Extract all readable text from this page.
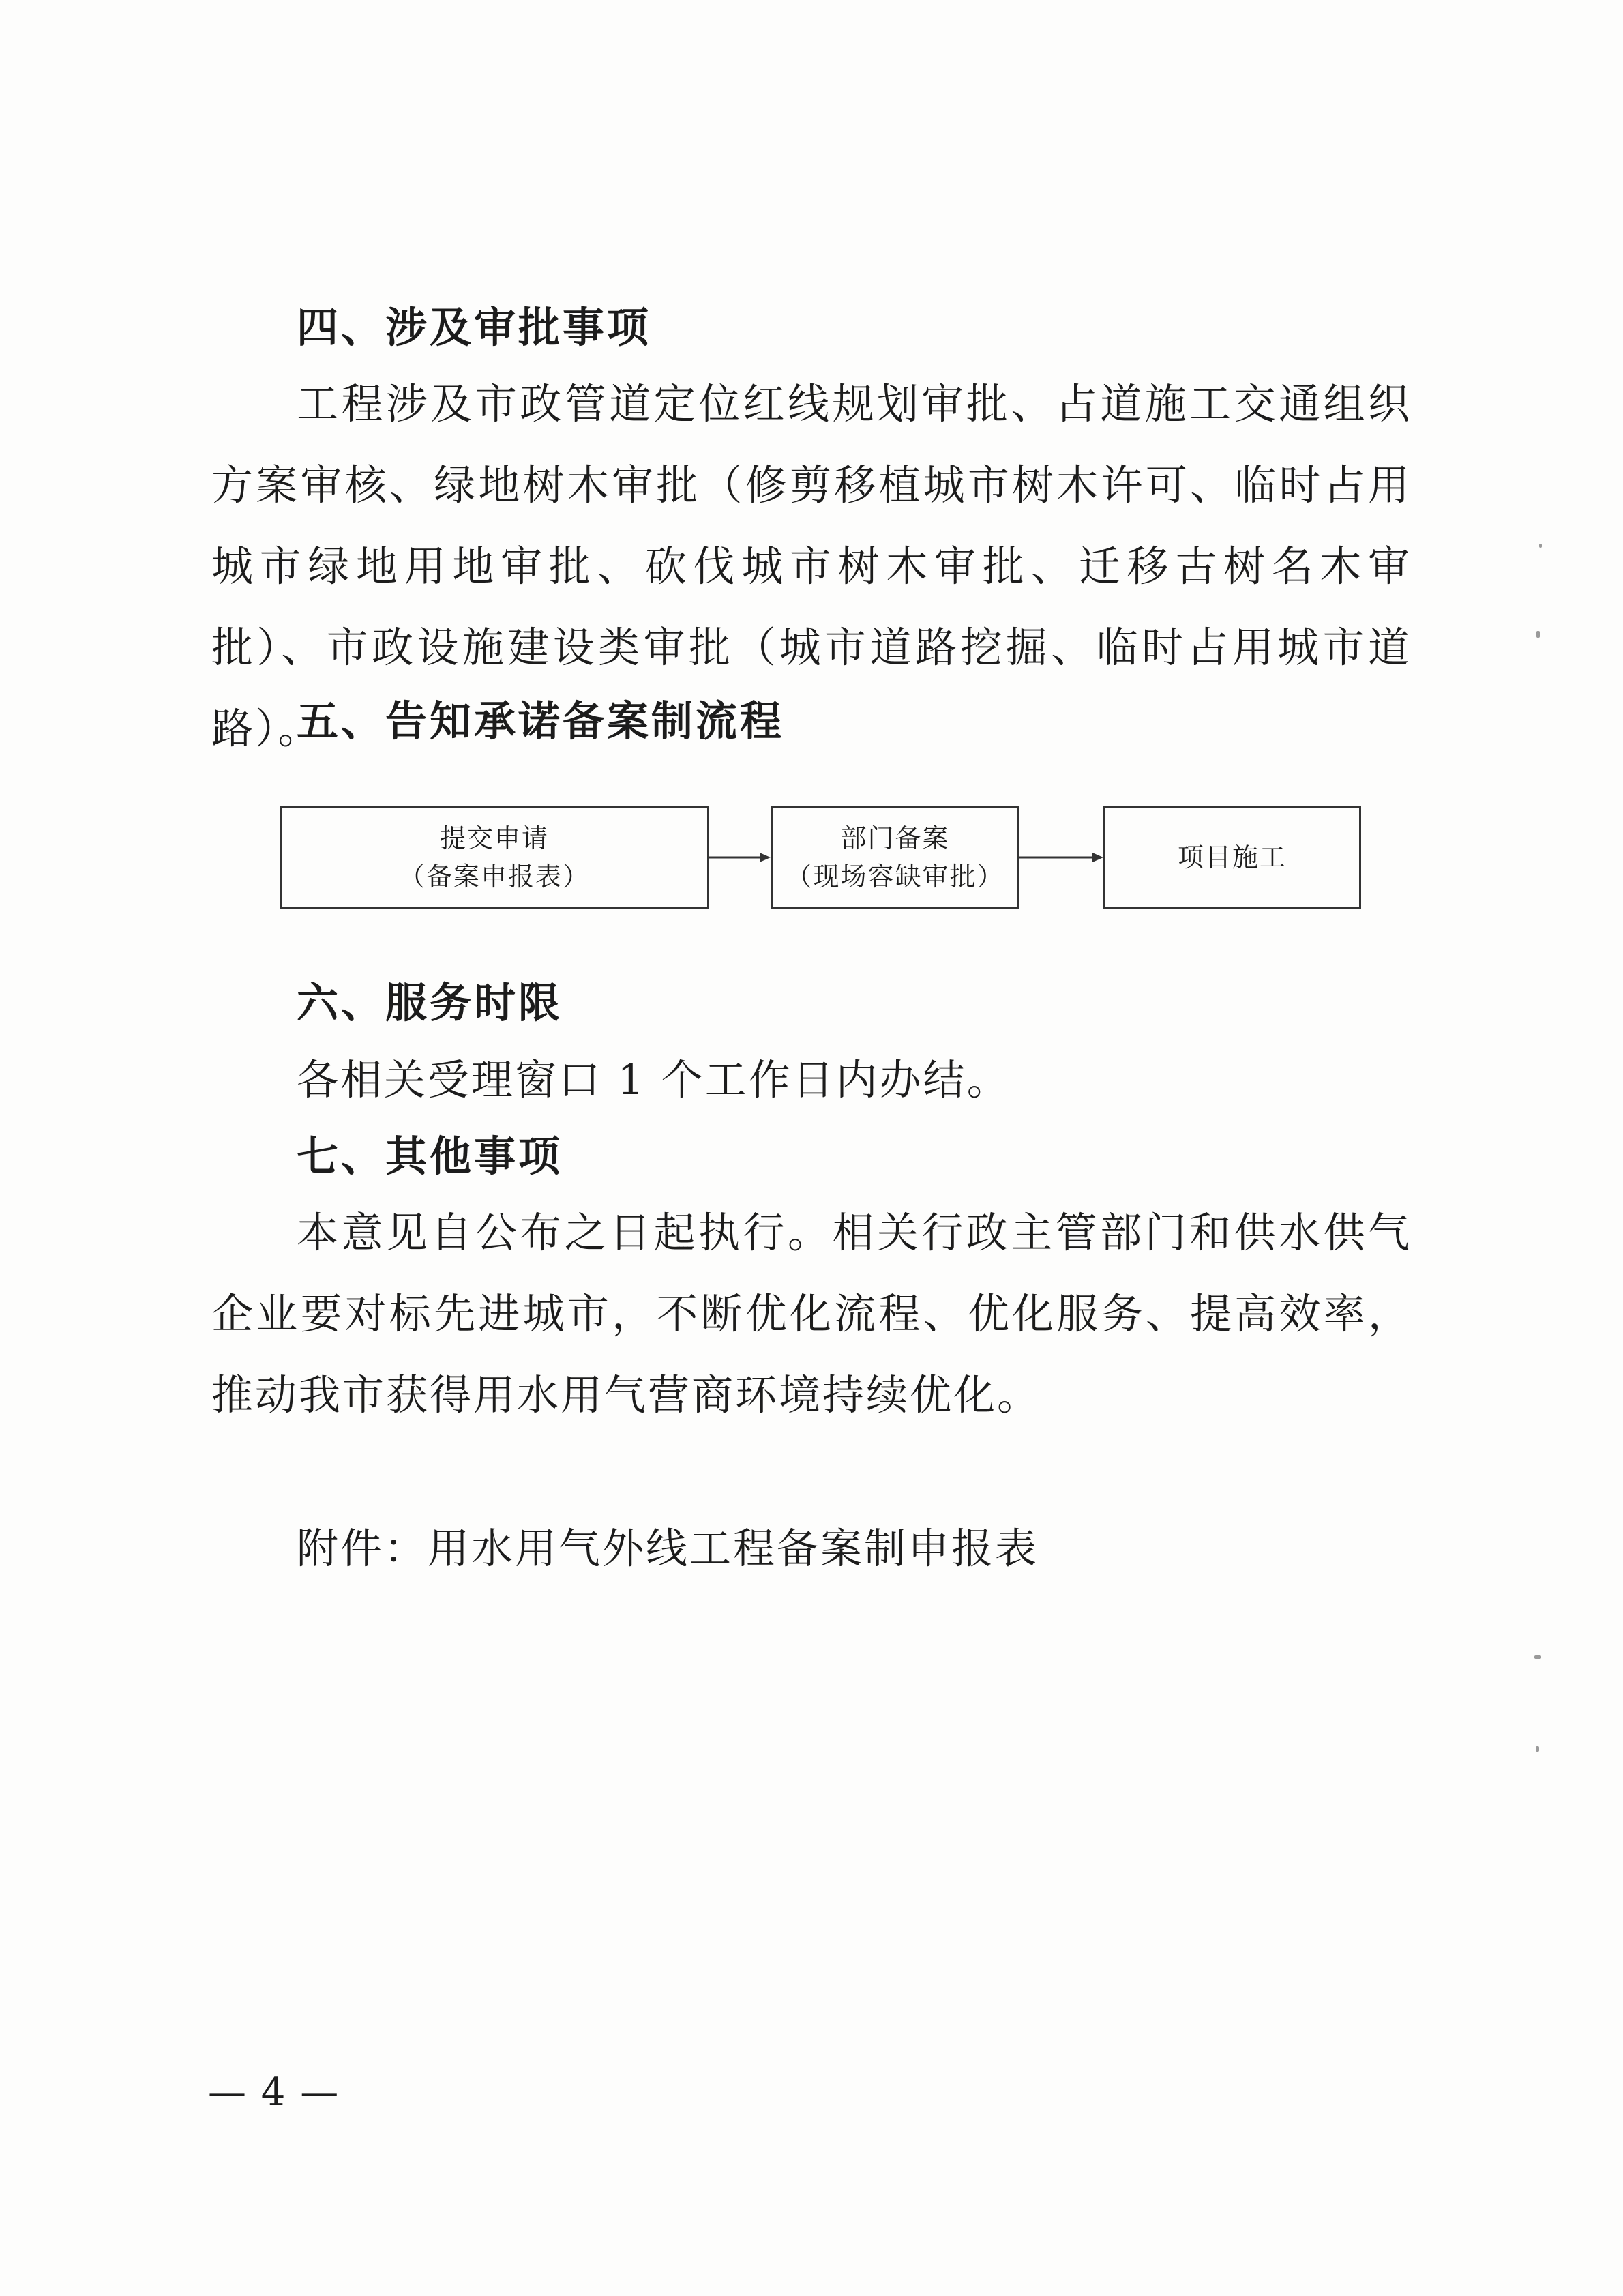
四、涉及审批事项
工程涉及市政管道定位红线规划审批、占道施工交通组织方案审核、绿地树木审批（修剪移植城市树木许可、临时占用城市绿地用地审批、砍伐城市树木审批、迁移古树名木审批）、市政设施建设类审批（城市道路挖掘、临时占用城市道路）。
五、告知承诺备案制流程
提交申请
（备案申报表）
部门备案
（现场容缺审批）
项目施工
六、服务时限
各相关受理窗口 1 个工作日内办结。
七、其他事项
本意见自公布之日起执行。相关行政主管部门和供水供气企业要对标先进城市，不断优化流程、优化服务、提高效率，推动我市获得用水用气营商环境持续优化。
附件：用水用气外线工程备案制申报表
— 4 —
